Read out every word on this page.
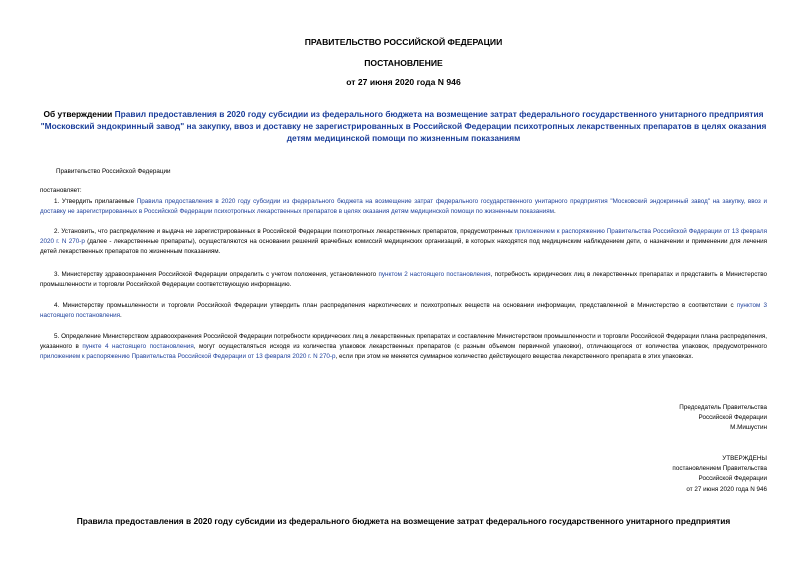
ПРАВИТЕЛЬСТВО РОССИЙСКОЙ ФЕДЕРАЦИИ
ПОСТАНОВЛЕНИЕ
от 27 июня 2020 года N 946
Об утверждении Правил предоставления в 2020 году субсидии из федерального бюджета на возмещение затрат федерального государственного унитарного предприятия "Московский эндокринный завод" на закупку, ввоз и доставку не зарегистрированных в Российской Федерации психотропных лекарственных препаратов в целях оказания детям медицинской помощи по жизненным показаниям
Правительство Российской Федерации
постановляет:
1. Утвердить прилагаемые Правила предоставления в 2020 году субсидии из федерального бюджета на возмещение затрат федерального государственного унитарного предприятия "Московский эндокринный завод" на закупку, ввоз и доставку не зарегистрированных в Российской Федерации психотропных лекарственных препаратов в целях оказания детям медицинской помощи по жизненным показаниям.
2. Установить, что распределение и выдача не зарегистрированных в Российской Федерации психотропных лекарственных препаратов, предусмотренных приложением к распоряжению Правительства Российской Федерации от 13 февраля 2020 г. N 270-р (далее - лекарственные препараты), осуществляются на основании решений врачебных комиссий медицинских организаций, в которых находятся под медицинским наблюдением дети, о назначении и применении для лечения детей лекарственных препаратов по жизненным показаниям.
3. Министерству здравоохранения Российской Федерации определить с учетом положения, установленного пунктом 2 настоящего постановления, потребность юридических лиц в лекарственных препаратах и представить в Министерство промышленности и торговли Российской Федерации соответствующую информацию.
4. Министерству промышленности и торговли Российской Федерации утвердить план распределения наркотических и психотропных веществ на основании информации, представленной в Министерство в соответствии с пунктом 3 настоящего постановления.
5. Определение Министерством здравоохранения Российской Федерации потребности юридических лиц в лекарственных препаратах и составление Министерством промышленности и торговли Российской Федерации плана распределения, указанного в пункте 4 настоящего постановления, могут осуществляться исходя из количества упаковок лекарственных препаратов (с разным объемом первичной упаковки), отличающегося от количества упаковок, предусмотренного приложением к распоряжению Правительства Российской Федерации от 13 февраля 2020 г. N 270-р, если при этом не меняется суммарное количество действующего вещества лекарственного препарата в этих упаковках.
Председатель Правительства
Российской Федерации
М.Мишустин
УТВЕРЖДЕНЫ
постановлением Правительства
Российской Федерации
от 27 июня 2020 года N 946
Правила предоставления в 2020 году субсидии из федерального бюджета на возмещение затрат федерального государственного унитарного предприятия
